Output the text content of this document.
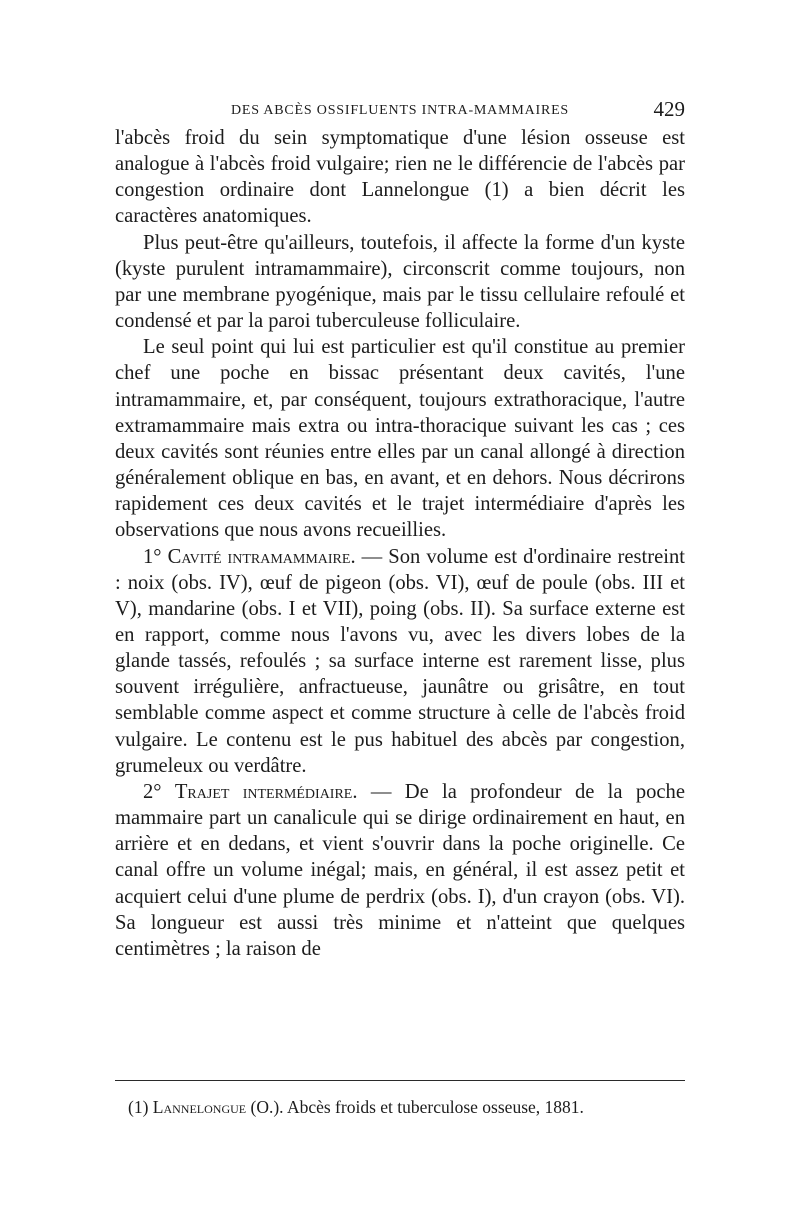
DES ABCÈS OSSIFLUENTS INTRA-MAMMAIRES	429

l'abcès froid du sein symptomatique d'une lésion osseuse est analogue à l'abcès froid vulgaire; rien ne le différencie de l'abcès par congestion ordinaire dont Lannelongue (1) a bien décrit les caractères anatomiques.

Plus peut-être qu'ailleurs, toutefois, il affecte la forme d'un kyste (kyste purulent intramammaire), circonscrit comme toujours, non par une membrane pyogénique, mais par le tissu cellulaire refoulé et condensé et par la paroi tuberculeuse folliculaire.

Le seul point qui lui est particulier est qu'il constitue au premier chef une poche en bissac présentant deux cavités, l'une intramammaire, et, par conséquent, toujours extrathoracique, l'autre extramammaire mais extra ou intra-thoracique suivant les cas ; ces deux cavités sont réunies entre elles par un canal allongé à direction généralement oblique en bas, en avant, et en dehors. Nous décrirons rapidement ces deux cavités et le trajet intermédiaire d'après les observations que nous avons recueillies.

1° Cavité intramammaire. — Son volume est d'ordinaire restreint : noix (obs. IV), œuf de pigeon (obs. VI), œuf de poule (obs. III et V), mandarine (obs. I et VII), poing (obs. II). Sa surface externe est en rapport, comme nous l'avons vu, avec les divers lobes de la glande tassés, refoulés ; sa surface interne est rarement lisse, plus souvent irrégulière, anfractueuse, jaunâtre ou grisâtre, en tout semblable comme aspect et comme structure à celle de l'abcès froid vulgaire. Le contenu est le pus habituel des abcès par congestion, grumeleux ou verdâtre.

2° Trajet intermédiaire. — De la profondeur de la poche mammaire part un canalicule qui se dirige ordinairement en haut, en arrière et en dedans, et vient s'ouvrir dans la poche originelle. Ce canal offre un volume inégal; mais, en général, il est assez petit et acquiert celui d'une plume de perdrix (obs. I), d'un crayon (obs. VI). Sa longueur est aussi très minime et n'atteint que quelques centimètres ; la raison de

(1) Lannelongue (O.). Abcès froids et tuberculose osseuse, 1881.
